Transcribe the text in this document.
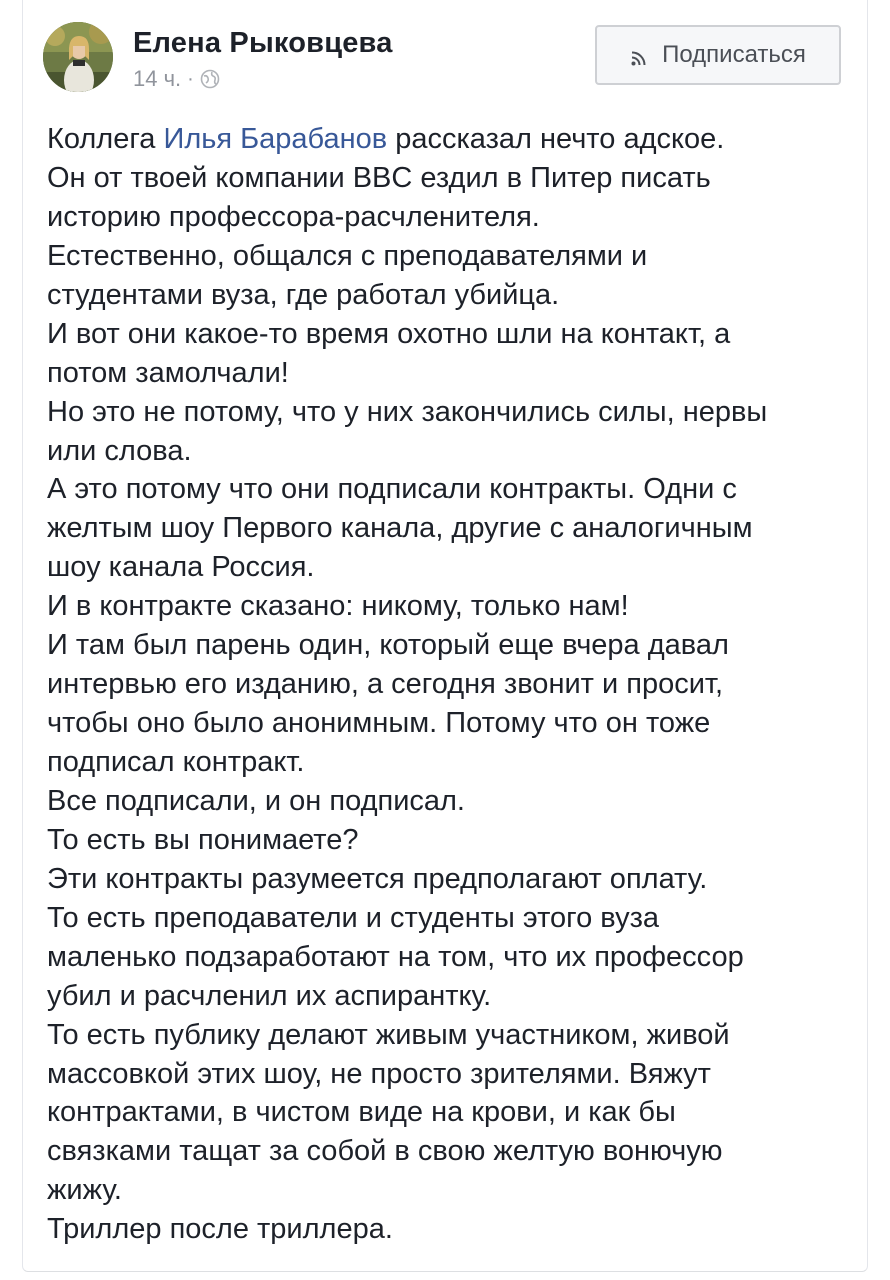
Елена Рыковцева
14 ч. ·
Подписаться
Коллега Илья Барабанов рассказал нечто адское.
Он от твоей компании BBC ездил в Питер писать
историю профессора-расчленителя.
Естественно, общался с преподавателями и
студентами вуза, где работал убийца.
И вот они какое-то время охотно шли на контакт, а
потом замолчали!
Но это не потому, что у них закончились силы, нервы
или слова.
А это потому что они подписали контракты. Одни с
желтым шоу Первого канала, другие с аналогичным
шоу канала Россия.
И в контракте сказано: никому, только нам!
И там был парень один, который еще вчера давал
интервью его изданию, а сегодня звонит и просит,
чтобы оно было анонимным. Потому что он тоже
подписал контракт.
Все подписали, и он подписал.
То есть вы понимаете?
Эти контракты разумеется предполагают оплату.
То есть преподаватели и студенты этого вуза
маленько подзаработают на том, что их профессор
убил и расчленил их аспирантку.
То есть публику делают живым участником, живой
массовкой этих шоу, не просто зрителями. Вяжут
контрактами, в чистом виде на крови, и как бы
связками тащат за собой в свою желтую вонючую
жижу.
Триллер после триллера.
